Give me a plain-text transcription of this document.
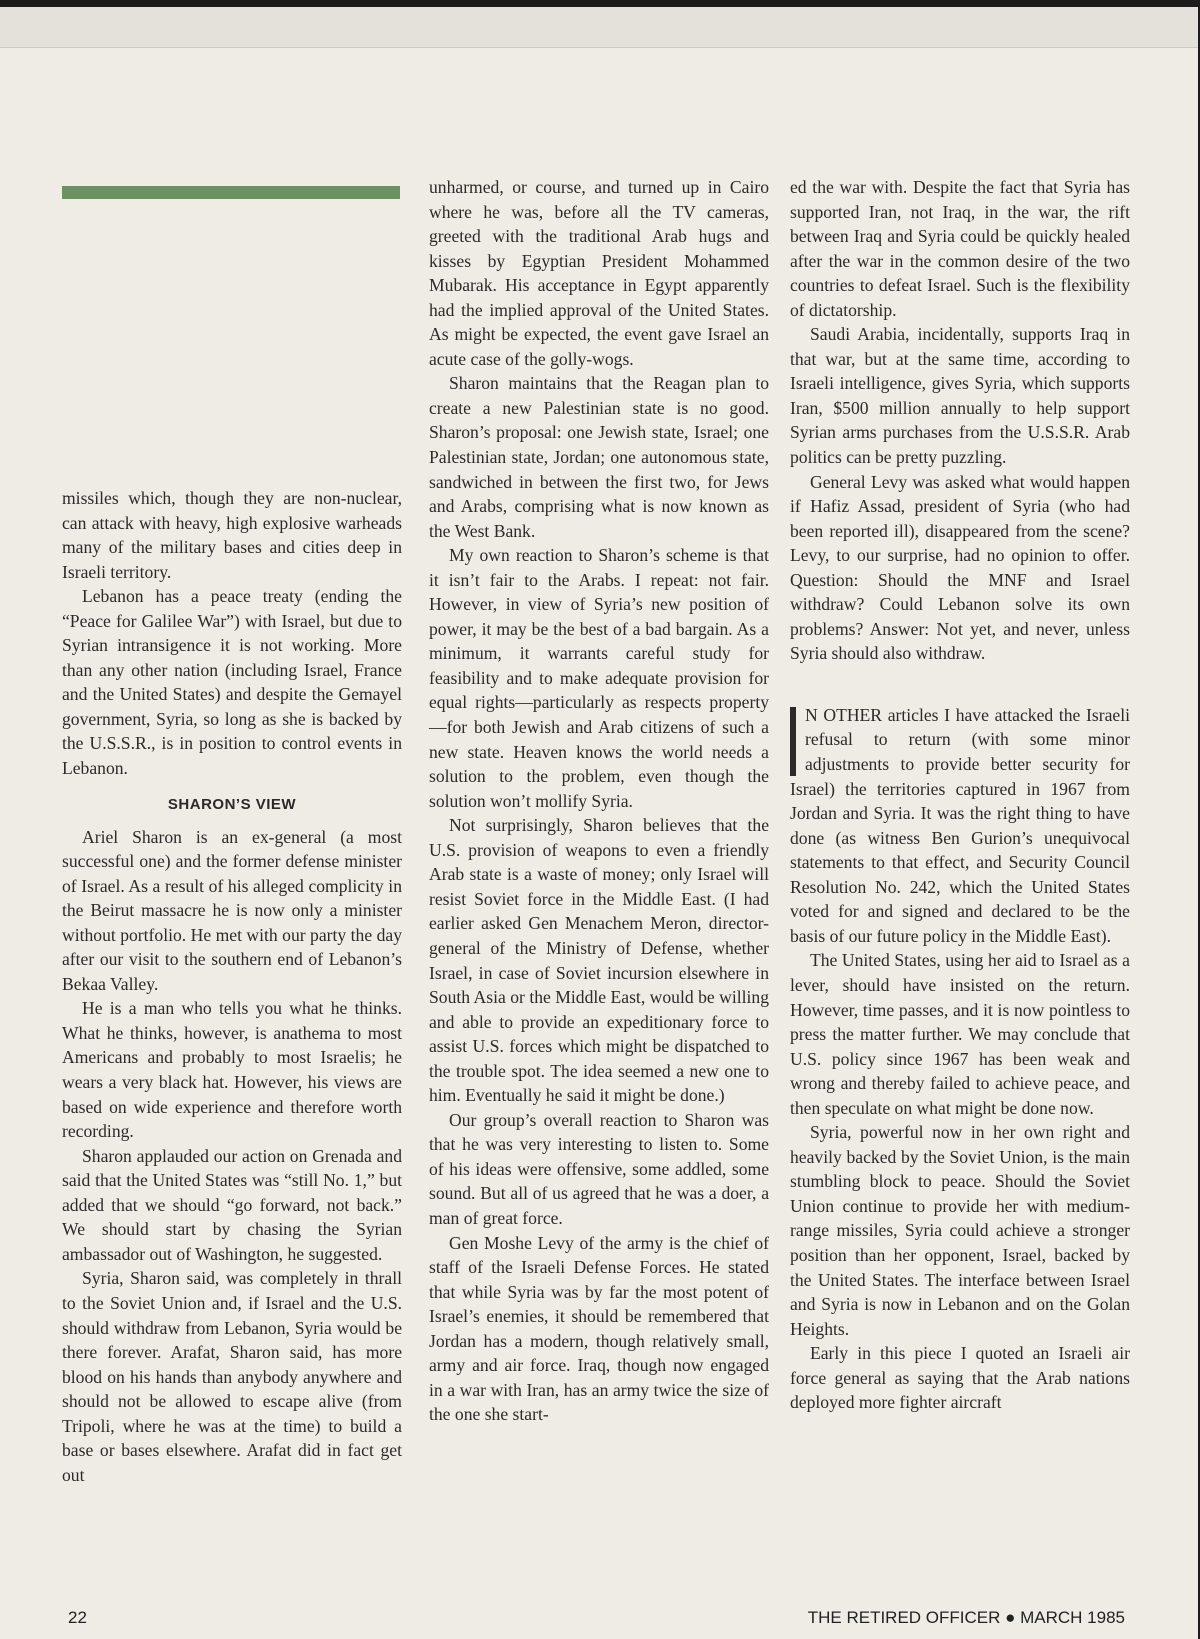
missiles which, though they are non-nuclear, can attack with heavy, high explosive warheads many of the military bases and cities deep in Israeli territory.

Lebanon has a peace treaty (ending the “Peace for Galilee War”) with Israel, but due to Syrian intransigence it is not working. More than any other nation (including Israel, France and the United States) and despite the Gemayel government, Syria, so long as she is backed by the U.S.S.R., is in position to control events in Lebanon.

SHARON’S VIEW

Ariel Sharon is an ex-general (a most successful one) and the former defense minister of Israel. As a result of his alleged complicity in the Beirut massacre he is now only a minister without portfolio. He met with our party the day after our visit to the southern end of Lebanon’s Bekaa Valley.

He is a man who tells you what he thinks. What he thinks, however, is anathema to most Americans and probably to most Israelis; he wears a very black hat. However, his views are based on wide experience and therefore worth recording.

Sharon applauded our action on Grenada and said that the United States was “still No. 1,” but added that we should “go forward, not back.” We should start by chasing the Syrian ambassador out of Washington, he suggested.

Syria, Sharon said, was completely in thrall to the Soviet Union and, if Israel and the U.S. should withdraw from Lebanon, Syria would be there forever. Arafat, Sharon said, has more blood on his hands than anybody anywhere and should not be allowed to escape alive (from Tripoli, where he was at the time) to build a base or bases elsewhere. Arafat did in fact get out

unharmed, or course, and turned up in Cairo where he was, before all the TV cameras, greeted with the traditional Arab hugs and kisses by Egyptian President Mohammed Mubarak. His acceptance in Egypt apparently had the implied approval of the United States. As might be expected, the event gave Israel an acute case of the golly-wogs.

Sharon maintains that the Reagan plan to create a new Palestinian state is no good. Sharon’s proposal: one Jewish state, Israel; one Palestinian state, Jordan; one autonomous state, sandwiched in between the first two, for Jews and Arabs, comprising what is now known as the West Bank.

My own reaction to Sharon’s scheme is that it isn’t fair to the Arabs. I repeat: not fair. However, in view of Syria’s new position of power, it may be the best of a bad bargain. As a minimum, it warrants careful study for feasibility and to make adequate provision for equal rights—particularly as respects property—for both Jewish and Arab citizens of such a new state. Heaven knows the world needs a solution to the problem, even though the solution won’t mollify Syria.

Not surprisingly, Sharon believes that the U.S. provision of weapons to even a friendly Arab state is a waste of money; only Israel will resist Soviet force in the Middle East. (I had earlier asked Gen Menachem Meron, director-general of the Ministry of Defense, whether Israel, in case of Soviet incursion elsewhere in South Asia or the Middle East, would be willing and able to provide an expeditionary force to assist U.S. forces which might be dispatched to the trouble spot. The idea seemed a new one to him. Eventually he said it might be done.)

Our group’s overall reaction to Sharon was that he was very interesting to listen to. Some of his ideas were offensive, some addled, some sound. But all of us agreed that he was a doer, a man of great force.

Gen Moshe Levy of the army is the chief of staff of the Israeli Defense Forces. He stated that while Syria was by far the most potent of Israel’s enemies, it should be remembered that Jordan has a modern, though relatively small, army and air force. Iraq, though now engaged in a war with Iran, has an army twice the size of the one she start-

ed the war with. Despite the fact that Syria has supported Iran, not Iraq, in the war, the rift between Iraq and Syria could be quickly healed after the war in the common desire of the two countries to defeat Israel. Such is the flexibility of dictatorship.

Saudi Arabia, incidentally, supports Iraq in that war, but at the same time, according to Israeli intelligence, gives Syria, which supports Iran, $500 million annually to help support Syrian arms purchases from the U.S.S.R. Arab politics can be pretty puzzling.

General Levy was asked what would happen if Hafiz Assad, president of Syria (who had been reported ill), disappeared from the scene? Levy, to our surprise, had no opinion to offer. Question: Should the MNF and Israel withdraw? Could Lebanon solve its own problems? Answer: Not yet, and never, unless Syria should also withdraw.

N OTHER articles I have attacked the Israeli refusal to return (with some minor adjustments to provide better security for Israel) the territories captured in 1967 from Jordan and Syria. It was the right thing to have done (as witness Ben Gurion’s unequivocal statements to that effect, and Security Council Resolution No. 242, which the United States voted for and signed and declared to be the basis of our future policy in the Middle East).

The United States, using her aid to Israel as a lever, should have insisted on the return. However, time passes, and it is now pointless to press the matter further. We may conclude that U.S. policy since 1967 has been weak and wrong and thereby failed to achieve peace, and then speculate on what might be done now.

Syria, powerful now in her own right and heavily backed by the Soviet Union, is the main stumbling block to peace. Should the Soviet Union continue to provide her with medium-range missiles, Syria could achieve a stronger position than her opponent, Israel, backed by the United States. The interface between Israel and Syria is now in Lebanon and on the Golan Heights.

Early in this piece I quoted an Israeli air force general as saying that the Arab nations deployed more fighter aircraft

22	THE RETIRED OFFICER ● MARCH 1985
